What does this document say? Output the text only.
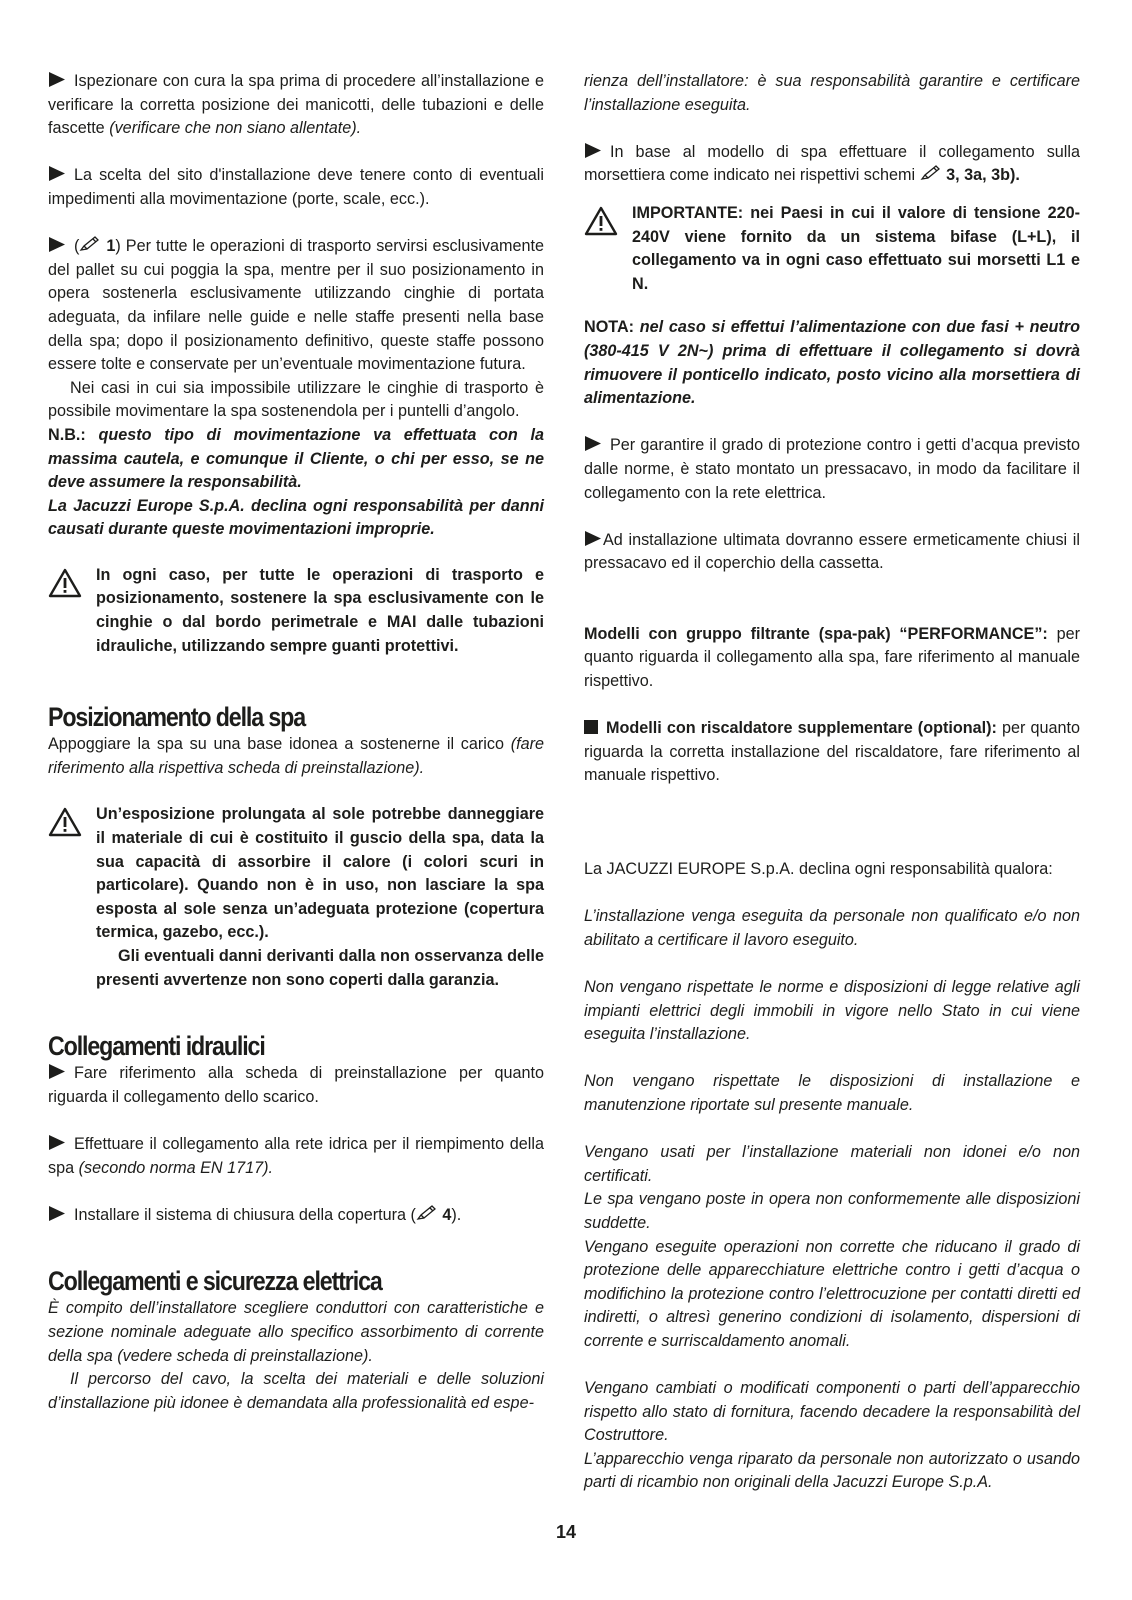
Ispezionare con cura la spa prima di procedere all’installazione e verificare la corretta posizione dei manicotti, delle tubazioni e delle fascette (verificare che non siano allentate).

La scelta del sito d'installazione deve tenere conto di eventuali impedimenti alla movimentazione (porte, scale, ecc.).

( 1) Per tutte le operazioni di trasporto servirsi esclusivamente del pallet su cui poggia la spa, mentre per il suo posizionamento in opera sostenerla esclusivamente utilizzando cinghie di portata adeguata, da infilare nelle guide e nelle staffe presenti nella base della spa; dopo il posizionamento definitivo, queste staffe possono essere tolte e conservate per un’eventuale movimentazione futura.

Nei casi in cui sia impossibile utilizzare le cinghie di trasporto è possibile movimentare la spa sostenendola per i puntelli d’angolo.

N.B.: questo tipo di movimentazione va effettuata con la massima cautela, e comunque il Cliente, o chi per esso, se ne deve assumere la responsabilità.

La Jacuzzi Europe S.p.A. declina ogni responsabilità per danni causati durante queste movimentazioni improprie.

In ogni caso, per tutte le operazioni di trasporto e posizionamento, sostenere la spa esclusivamente con le cinghie o dal bordo perimetrale e MAI dalle tubazioni idrauliche, utilizzando sempre guanti protettivi.

Posizionamento della spa

Appoggiare la spa su una base idonea a sostenerne il carico (fare riferimento alla rispettiva scheda di preinstallazione).

Un’esposizione prolungata al sole potrebbe danneggiare il materiale di cui è costituito il guscio della spa, data la sua capacità di assorbire il calore (i colori scuri in particolare). Quando non è in uso, non lasciare la spa esposta al sole senza un’adeguata protezione (copertura termica, gazebo, ecc.).

Gli eventuali danni derivanti dalla non osservanza delle presenti avvertenze non sono coperti dalla garanzia.

Collegamenti idraulici

Fare riferimento alla scheda di preinstallazione per quanto riguarda il collegamento dello scarico.

Effettuare il collegamento alla rete idrica per il riempimento della spa (secondo norma EN 1717).

Installare il sistema di chiusura della copertura ( 4).

Collegamenti e sicurezza elettrica

È compito dell’installatore scegliere conduttori con caratteristiche e sezione nominale adeguate allo specifico assorbimento di corrente della spa (vedere scheda di preinstallazione).

Il percorso del cavo, la scelta dei materiali e delle soluzioni d’installazione più idonee è demandata alla professionalità ed espe-

rienza dell’installatore: è sua responsabilità garantire e certificare l’installazione eseguita.

In base al modello di spa effettuare il collegamento sulla morsettiera come indicato nei rispettivi schemi 3, 3a, 3b).

IMPORTANTE: nei Paesi in cui il valore di tensione 220-240V viene fornito da un sistema bifase (L+L), il collegamento va in ogni caso effettuato sui morsetti L1 e N.

NOTA: nel caso si effettui l’alimentazione con due fasi + neutro (380-415 V 2N~) prima di effettuare il collegamento si dovrà rimuovere il ponticello indicato, posto vicino alla morsettiera di alimentazione.

Per garantire il grado di protezione contro i getti d’acqua previsto dalle norme, è stato montato un pressacavo, in modo da facilitare il collegamento con la rete elettrica.

Ad installazione ultimata dovranno essere ermeticamente chiusi il pressacavo ed il coperchio della cassetta.

Modelli con gruppo filtrante (spa-pak) “PERFORMANCE”: per quanto riguarda il collegamento alla spa, fare riferimento al manuale rispettivo.

Modelli con riscaldatore supplementare (optional): per quanto riguarda la corretta installazione del riscaldatore, fare riferimento al manuale rispettivo.

La JACUZZI EUROPE S.p.A. declina ogni responsabilità qualora:

L’installazione venga eseguita da personale non qualificato e/o non abilitato a certificare il lavoro eseguito.

Non vengano rispettate le norme e disposizioni di legge relative agli impianti elettrici degli immobili in vigore nello Stato in cui viene eseguita l’installazione.

Non vengano rispettate le disposizioni di installazione e manutenzione riportate sul presente manuale.

Vengano usati per l’installazione materiali non idonei e/o non certificati.

Le spa vengano poste in opera non conformemente alle disposizioni suddette.

Vengano eseguite operazioni non corrette che riducano il grado di protezione delle apparecchiature elettriche contro i getti d’acqua o modifichino la protezione contro l’elettrocuzione per contatti diretti ed indiretti, o altresì generino condizioni di isolamento, dispersioni di corrente e surriscaldamento anomali.

Vengano cambiati o modificati componenti o parti dell’apparecchio rispetto allo stato di fornitura, facendo decadere la responsabilità del Costruttore.

L’apparecchio venga riparato da personale non autorizzato o usando parti di ricambio non originali della Jacuzzi Europe S.p.A.

14
